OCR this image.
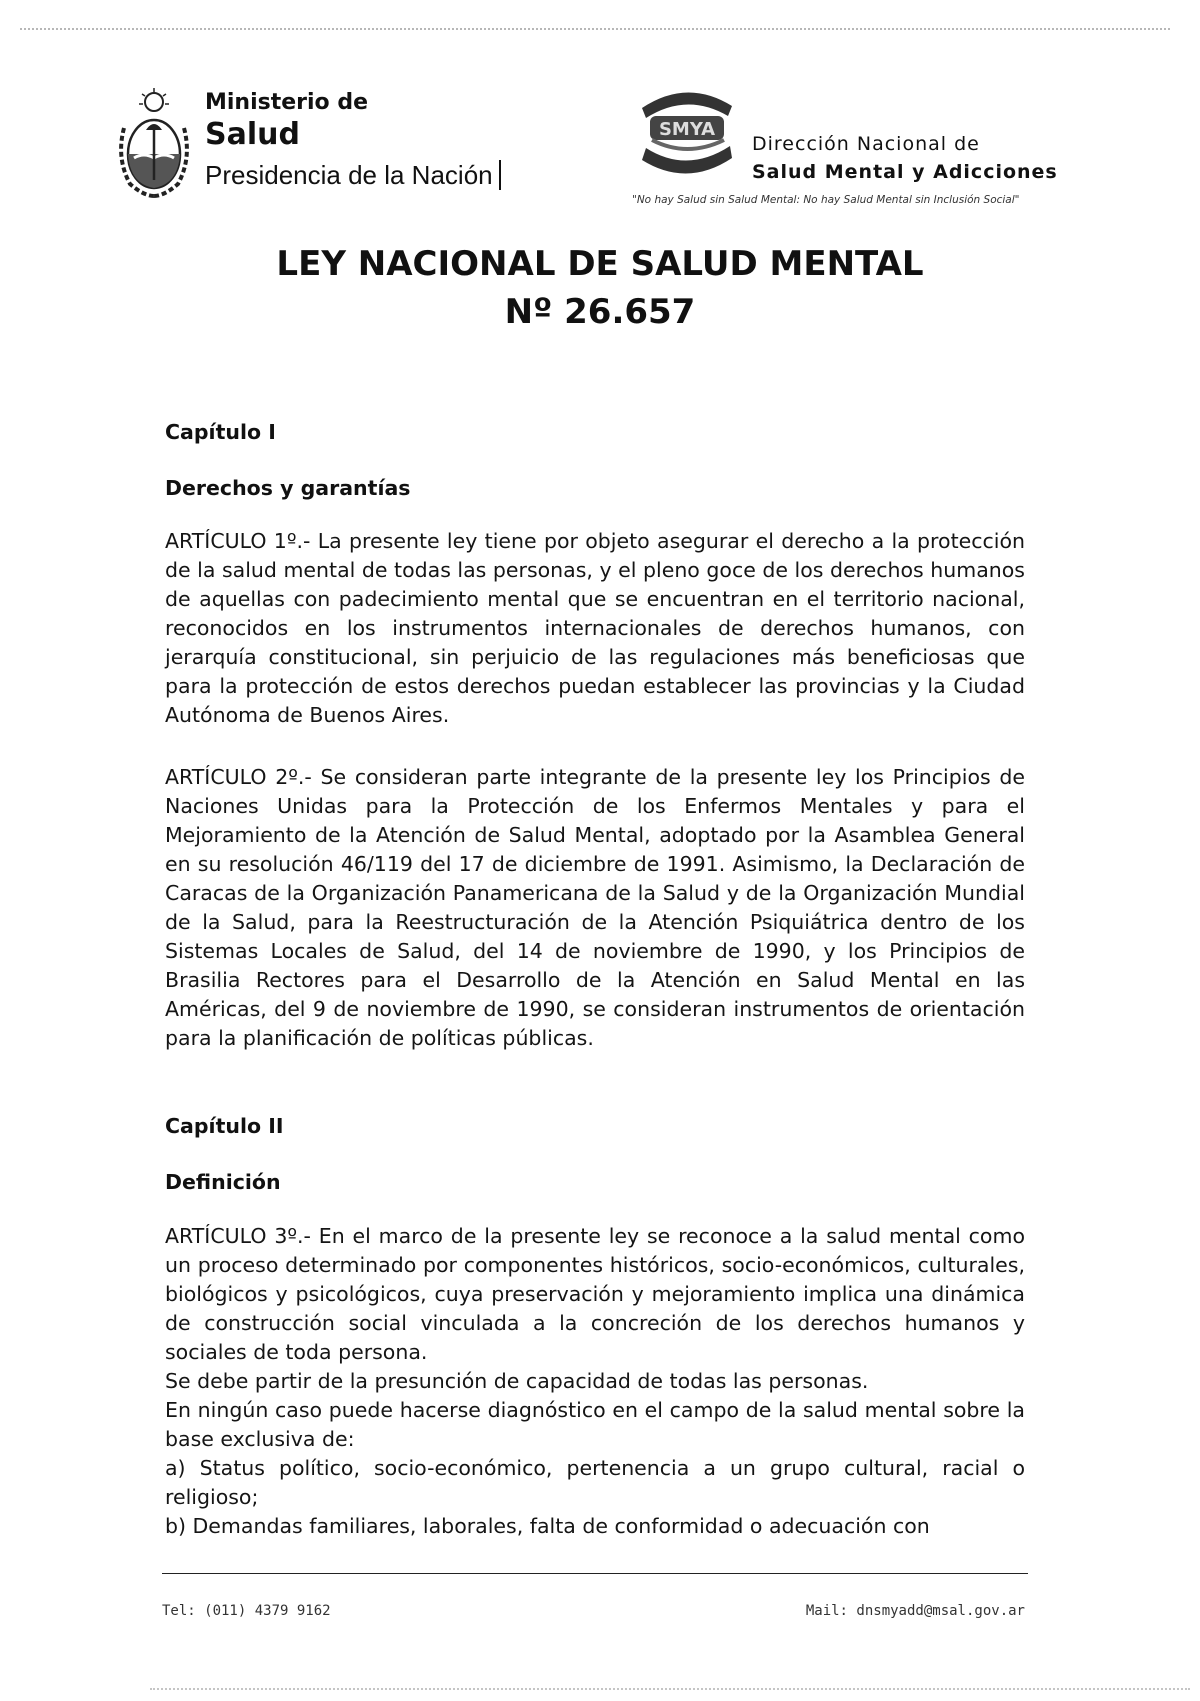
Ministerio de
Salud
Presidencia de la Nación
SMYA
Dirección Nacional de
Salud Mental y Adicciones
"No hay Salud sin Salud Mental: No hay Salud Mental sin Inclusión Social"
LEY NACIONAL DE SALUD MENTAL
Nº 26.657
Capítulo I
Derechos y garantías

ARTÍCULO 1º.- La presente ley tiene por objeto asegurar el derecho a la protección de la salud mental de todas las personas, y el pleno goce de los derechos humanos de aquellas con padecimiento mental que se encuentran en el territorio nacional, reconocidos en los instrumentos internacionales de derechos humanos, con jerarquía constitucional, sin perjuicio de las regulaciones más beneficiosas que para la protección de estos derechos puedan establecer las provincias y la Ciudad Autónoma de Buenos Aires.

ARTÍCULO 2º.- Se consideran parte integrante de la presente ley los Principios de Naciones Unidas para la Protección de los Enfermos Mentales y para el Mejoramiento de la Atención de Salud Mental, adoptado por la Asamblea General en su resolución 46/119 del 17 de diciembre de 1991. Asimismo, la Declaración de Caracas de la Organización Panamericana de la Salud y de la Organización Mundial de la Salud, para la Reestructuración de la Atención Psiquiátrica dentro de los Sistemas Locales de Salud, del 14 de noviembre de 1990, y los Principios de Brasilia Rectores para el Desarrollo de la Atención en Salud Mental en las Américas, del 9 de noviembre de 1990, se consideran instrumentos de orientación para la planificación de políticas públicas.

Capítulo II
Definición

ARTÍCULO 3º.- En el marco de la presente ley se reconoce a la salud mental como un proceso determinado por componentes históricos, socio-económicos, culturales, biológicos y psicológicos, cuya preservación y mejoramiento implica una dinámica de construcción social vinculada a la concreción de los derechos humanos y sociales de toda persona.

Se debe partir de la presunción de capacidad de todas las personas.

En ningún caso puede hacerse diagnóstico en el campo de la salud mental sobre la base exclusiva de:

a) Status político, socio-económico, pertenencia a un grupo cultural, racial o religioso;

b) Demandas familiares, laborales, falta de conformidad o adecuación con

Tel: (011) 4379 9162	Mail: dnsmyadd@msal.gov.ar
